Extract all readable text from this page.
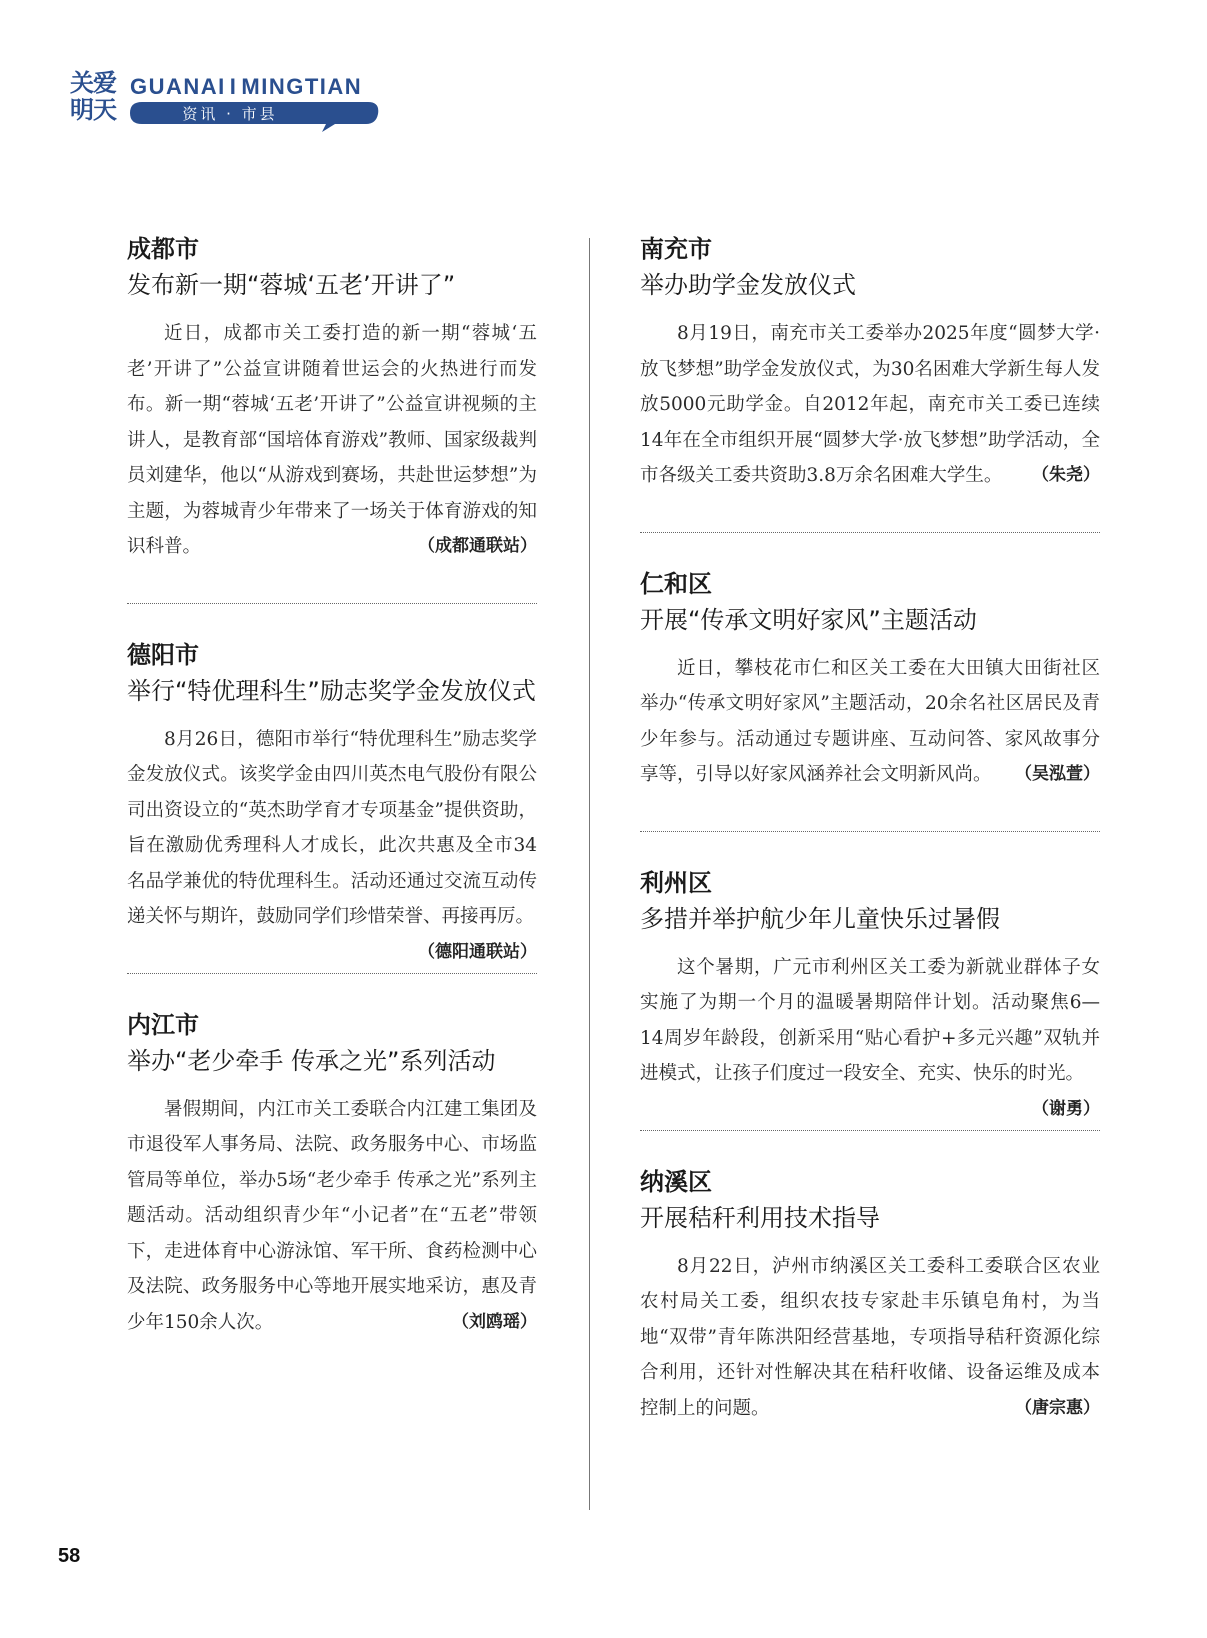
关爱明天
GUANAI I MINGTIAN
资讯 · 市县
成都市
发布新一期“蓉城‘五老’开讲了”

近日，成都市关工委打造的新一期“蓉城‘五老’开讲了”公益宣讲随着世运会的火热进行而发布。新一期“蓉城‘五老’开讲了”公益宣讲视频的主讲人，是教育部“国培体育游戏”教师、国家级裁判员刘建华，他以“从游戏到赛场，共赴世运梦想”为主题，为蓉城青少年带来了一场关于体育游戏的知识科普。	（成都通联站）

德阳市
举行“特优理科生”励志奖学金发放仪式

8月26日，德阳市举行“特优理科生”励志奖学金发放仪式。该奖学金由四川英杰电气股份有限公司出资设立的“英杰助学育才专项基金”提供资助，旨在激励优秀理科人才成长，此次共惠及全市34名品学兼优的特优理科生。活动还通过交流互动传递关怀与期许，鼓励同学们珍惜荣誉、再接再厉。
（德阳通联站）

内江市
举办“老少牵手 传承之光”系列活动

暑假期间，内江市关工委联合内江建工集团及市退役军人事务局、法院、政务服务中心、市场监管局等单位，举办5场“老少牵手 传承之光”系列主题活动。活动组织青少年“小记者”在“五老”带领下，走进体育中心游泳馆、军干所、食药检测中心及法院、政务服务中心等地开展实地采访，惠及青少年150余人次。	（刘鸥瑶）

南充市
举办助学金发放仪式

8月19日，南充市关工委举办2025年度“圆梦大学·放飞梦想”助学金发放仪式，为30名困难大学新生每人发放5000元助学金。自2012年起，南充市关工委已连续14年在全市组织开展“圆梦大学·放飞梦想”助学活动，全市各级关工委共资助3.8万余名困难大学生。 （朱尧）

仁和区
开展“传承文明好家风”主题活动

近日，攀枝花市仁和区关工委在大田镇大田街社区举办“传承文明好家风”主题活动，20余名社区居民及青少年参与。活动通过专题讲座、互动问答、家风故事分享等，引导以好家风涵养社会文明新风尚。 （吴泓萱）

利州区
多措并举护航少年儿童快乐过暑假

这个暑期，广元市利州区关工委为新就业群体子女实施了为期一个月的温暖暑期陪伴计划。活动聚焦6—14周岁年龄段，创新采用“贴心看护+多元兴趣”双轨并进模式，让孩子们度过一段安全、充实、快乐的时光。
（谢勇）

纳溪区
开展秸秆利用技术指导

8月22日，泸州市纳溪区关工委科工委联合区农业农村局关工委，组织农技专家赴丰乐镇皂角村，为当地“双带”青年陈洪阳经营基地，专项指导秸秆资源化综合利用，还针对性解决其在秸秆收储、设备运维及成本控制上的问题。	（唐宗惠）

58
